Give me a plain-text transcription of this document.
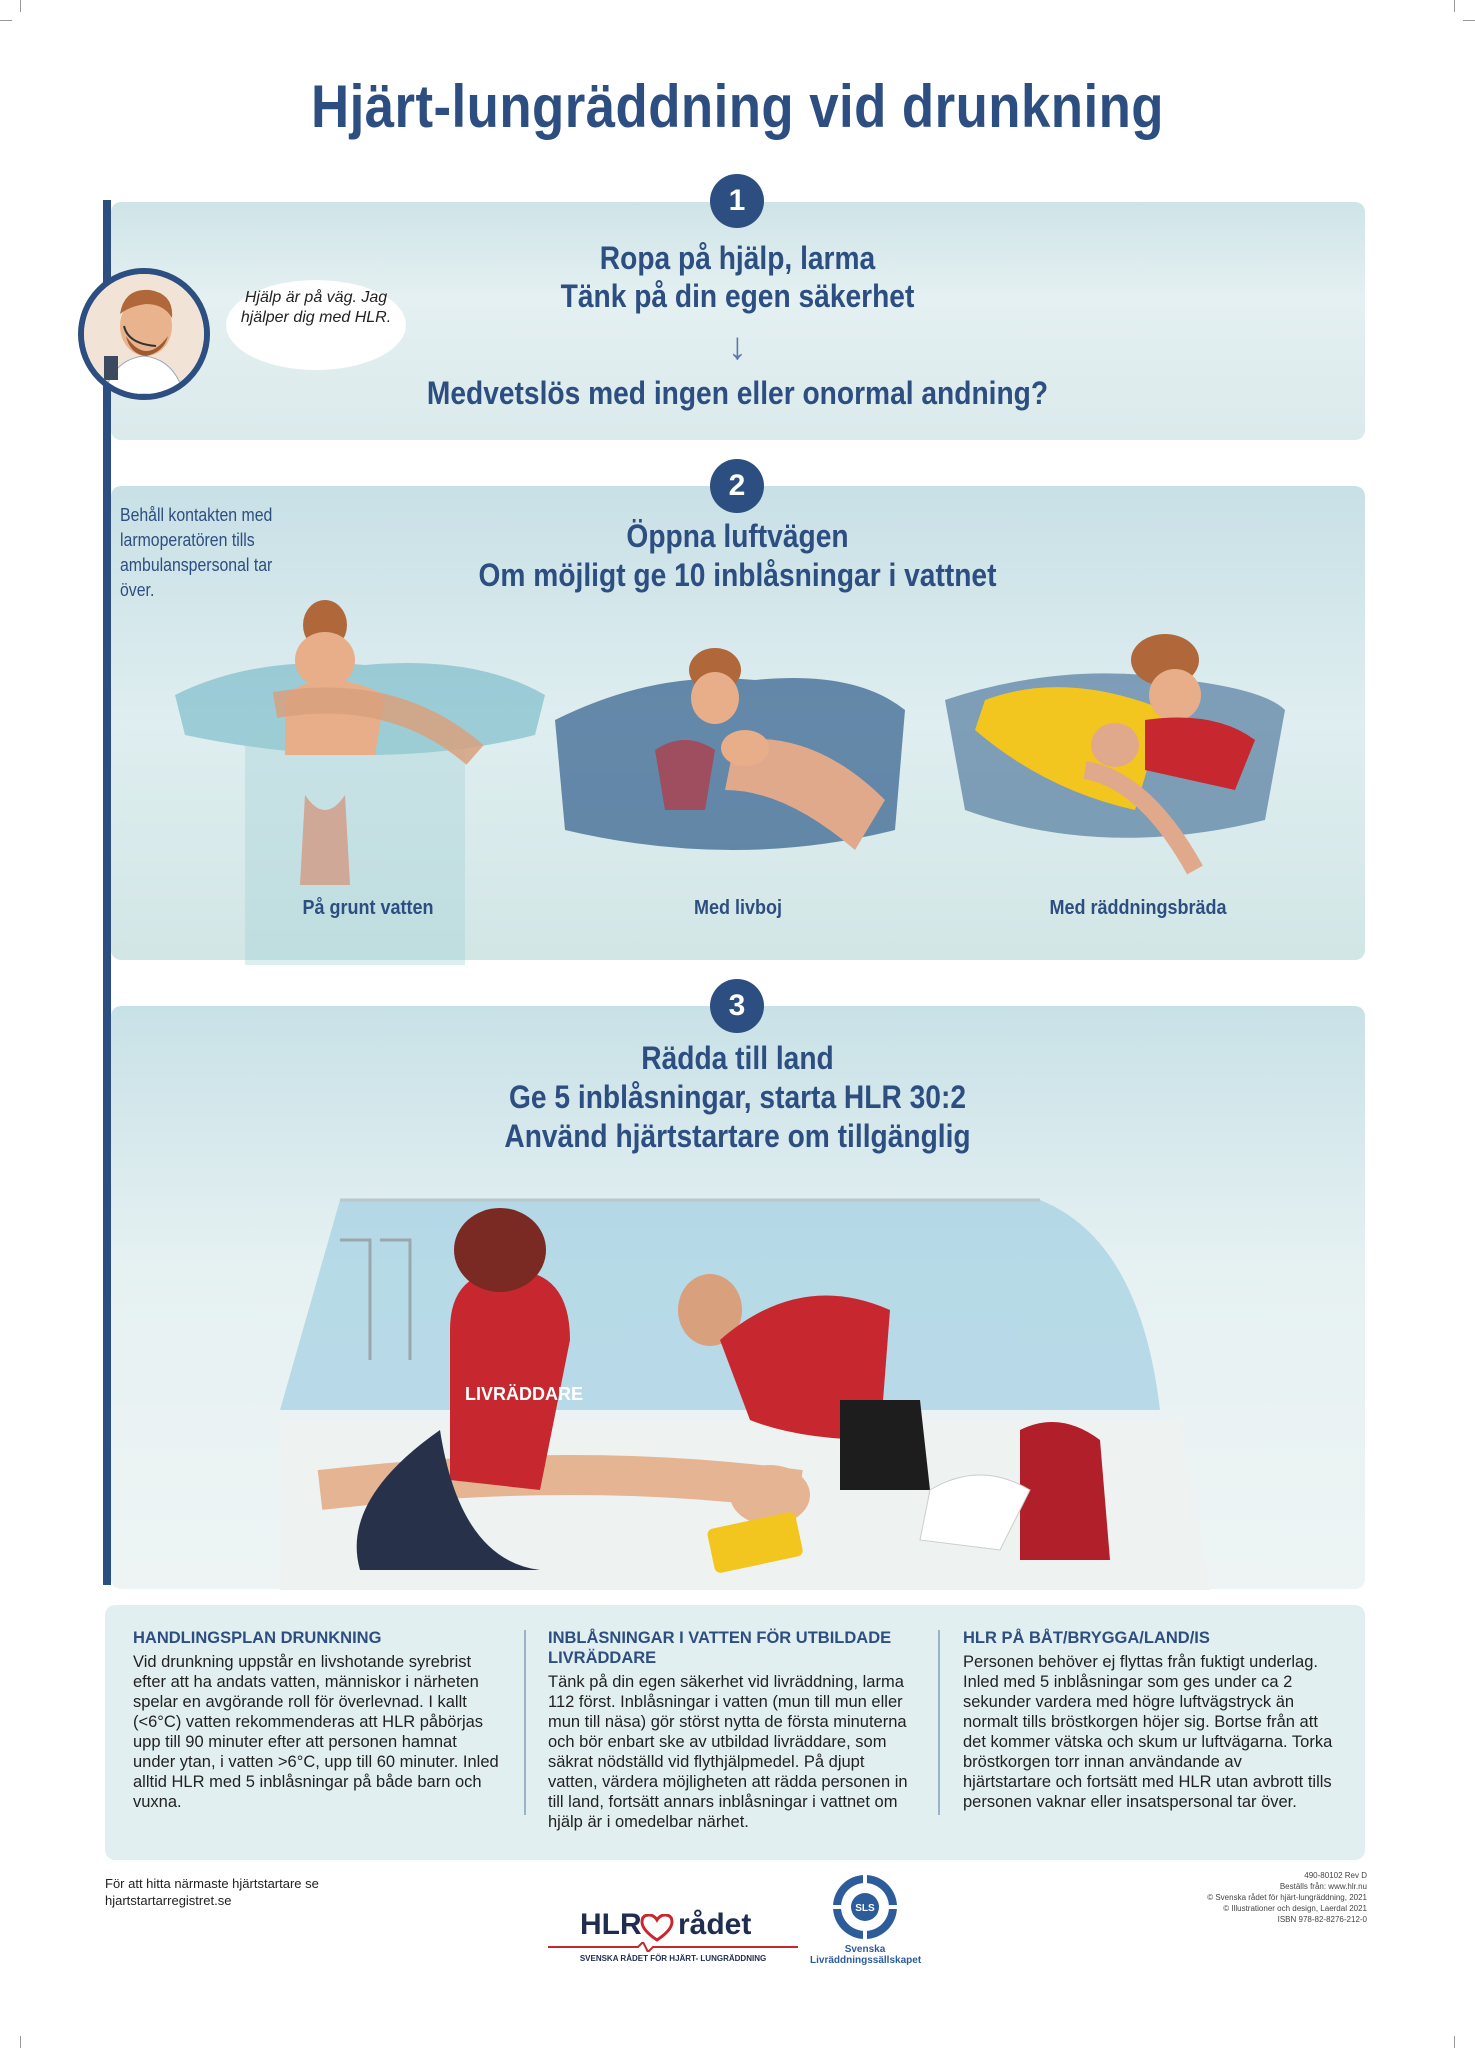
Hjärt-lungräddning vid drunkning
1
Ropa på hjälp, larma
Tänk på din egen säkerhet
↓
Medvetslös med ingen eller onormal andning?
Hjälp är på väg. Jag hjälper dig med HLR.
2
Öppna luftvägen
Om möjligt ge 10 inblåsningar i vattnet
Behåll kontakten med larmoperatören tills ambulanspersonal tar över.
På grunt vatten	Med livboj	Med räddningsbräda
3
Rädda till land
Ge 5 inblåsningar, starta HLR 30:2
Använd hjärtstartare om tillgänglig
LIVRÄDDARE
HANDLINGSPLAN DRUNKNING
Vid drunkning uppstår en livshotande syrebrist efter att ha andats vatten, människor i närheten spelar en avgörande roll för överlevnad. I kallt (<6°C) vatten rekommenderas att HLR påbörjas upp till 90 minuter efter att personen hamnat under ytan, i vatten >6°C, upp till 60 minuter. Inled alltid HLR med 5 inblåsningar på både barn och vuxna.
INBLÅSNINGAR I VATTEN FÖR UTBILDADE LIVRÄDDARE
Tänk på din egen säkerhet vid livräddning, larma 112 först. Inblåsningar i vatten (mun till mun eller mun till näsa) gör störst nytta de första minuterna och bör enbart ske av utbildad livräddare, som säkrat nödställd vid flythjälpmedel. På djupt vatten, värdera möjligheten att rädda personen in till land, fortsätt annars inblåsningar i vattnet om hjälp är i omedelbar närhet.
HLR PÅ BÅT/BRYGGA/LAND/IS
Personen behöver ej flyttas från fuktigt underlag. Inled med 5 inblåsningar som ges under ca 2 sekunder vardera med högre luftvägstryck än normalt tills bröstkorgen höjer sig. Bortse från att det kommer vätska och skum ur luftvägarna. Torka bröstkorgen torr innan användande av hjärtstartare och fortsätt med HLR utan avbrott tills personen vaknar eller insatspersonal tar över.
För att hitta närmaste hjärtstartare se
hjartstartarregistret.se
HLR rådet
SVENSKA RÅDET FÖR HJÄRT- LUNGRÄDDNING
SLS
Svenska
Livräddningssällskapet
490-80102 Rev D
Beställs från: www.hlr.nu
© Svenska rådet för hjärt-lungräddning, 2021
© Illustrationer och design, Laerdal 2021
ISBN 978-82-8276-212-0
